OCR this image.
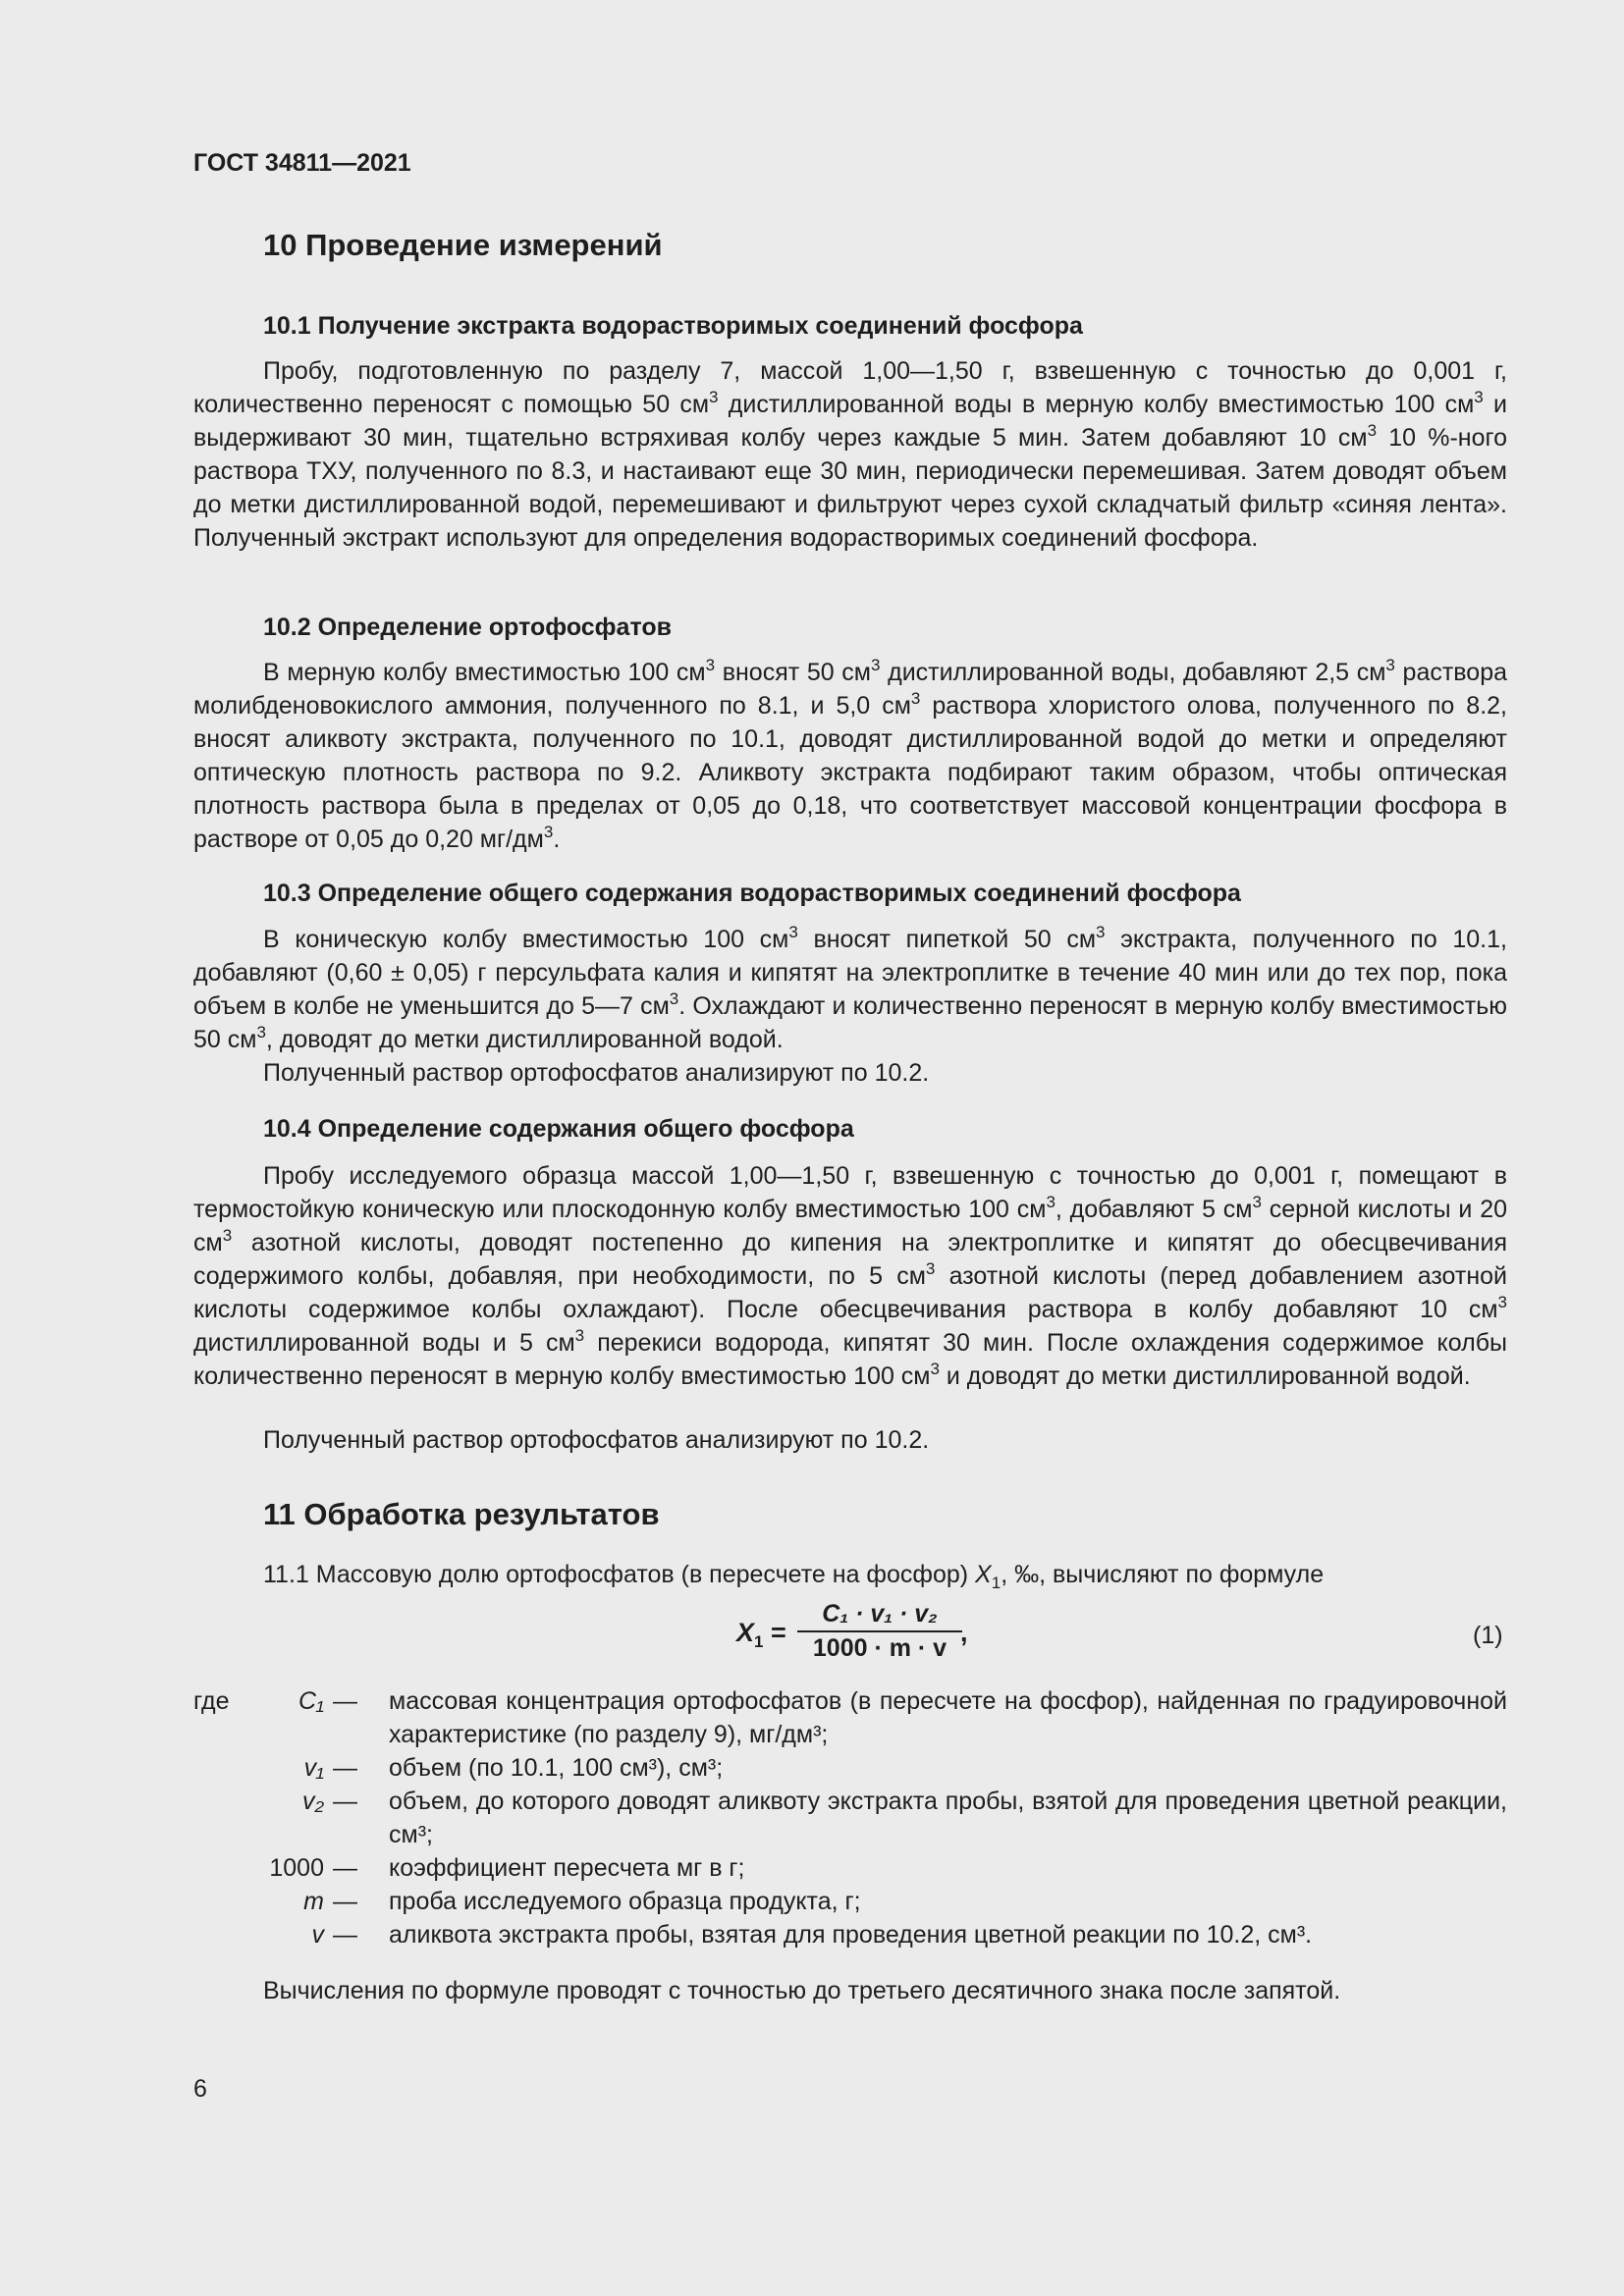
ГОСТ 34811—2021
10 Проведение измерений
10.1 Получение экстракта водорастворимых соединений фосфора
Пробу, подготовленную по разделу 7, массой 1,00—1,50 г, взвешенную с точностью до 0,001 г, количественно переносят с помощью 50 $см^3$ дистиллированной воды в мерную колбу вместимостью 100 $см^3$ и выдерживают 30 мин, тщательно встряхивая колбу через каждые 5 мин. Затем добавляют 10 $см^3$ 10 %-ного раствора ТХУ, полученного по 8.3, и настаивают еще 30 мин, периодически перемешивая. Затем доводят объем до метки дистиллированной водой, перемешивают и фильтруют через сухой складчатый фильтр «синяя лента». Полученный экстракт используют для определения водорастворимых соединений фосфора.
10.2 Определение ортофосфатов
В мерную колбу вместимостью 100 $см^3$ вносят 50 $см^3$ дистиллированной воды, добавляют 2,5 $см^3$ раствора молибденовокислого аммония, полученного по 8.1, и 5,0 $см^3$ раствора хлористого олова, полученного по 8.2, вносят аликвоту экстракта, полученного по 10.1, доводят дистиллированной водой до метки и определяют оптическую плотность раствора по 9.2. Аликвоту экстракта подбирают таким образом, чтобы оптическая плотность раствора была в пределах от 0,05 до 0,18, что соответствует массовой концентрации фосфора в растворе от 0,05 до 0,20 $мг/дм^3$.
10.3 Определение общего содержания водорастворимых соединений фосфора
В коническую колбу вместимостью 100 $см^3$ вносят пипеткой 50 $см^3$ экстракта, полученного по 10.1, добавляют (0,60 ± 0,05) г персульфата калия и кипятят на электроплитке в течение 40 мин или до тех пор, пока объем в колбе не уменьшится до 5—7 $см^3$. Охлаждают и количественно переносят в мерную колбу вместимостью 50 $см^3$, доводят до метки дистиллированной водой.
Полученный раствор ортофосфатов анализируют по 10.2.
10.4 Определение содержания общего фосфора
Пробу исследуемого образца массой 1,00—1,50 г, взвешенную с точностью до 0,001 г, помещают в термостойкую коническую или плоскодонную колбу вместимостью 100 $см^3$, добавляют 5 $см^3$ серной кислоты и 20 $см^3$ азотной кислоты, доводят постепенно до кипения на электроплитке и кипятят до обесцвечивания содержимого колбы, добавляя, при необходимости, по 5 $см^3$ азотной кислоты (перед добавлением азотной кислоты содержимое колбы охлаждают). После обесцвечивания раствора в колбу добавляют 10 $см^3$ дистиллированной воды и 5 $см^3$ перекиси водорода, кипятят 30 мин. После охлаждения содержимое колбы количественно переносят в мерную колбу вместимостью 100 $см^3$ и доводят до метки дистиллированной водой.
Полученный раствор ортофосфатов анализируют по 10.2.
11 Обработка результатов
11.1 Массовую долю ортофосфатов (в пересчете на фосфор) $X_1$, ‰, вычисляют по формуле
$X_1 = \frac{\text{C₁ · v₁ · v₂}}{1000 \cdot m \cdot v}$
,	(1)
где	C₁ —	массовая концентрация ортофосфатов (в пересчете на фосфор), найденная по градуировочной характеристике (по разделу 9), мг/дм³;
v₁ —	объем (по 10.1, 100 см³), см³;
v₂ —	объем, до которого доводят аликвоту экстракта пробы, взятой для проведения цветной реакции, см³;
1000 —	коэффициент пересчета мг в г;
m —	проба исследуемого образца продукта, г;
v —	аликвота экстракта пробы, взятая для проведения цветной реакции по 10.2, см³.
Вычисления по формуле проводят с точностью до третьего десятичного знака после запятой.
6
